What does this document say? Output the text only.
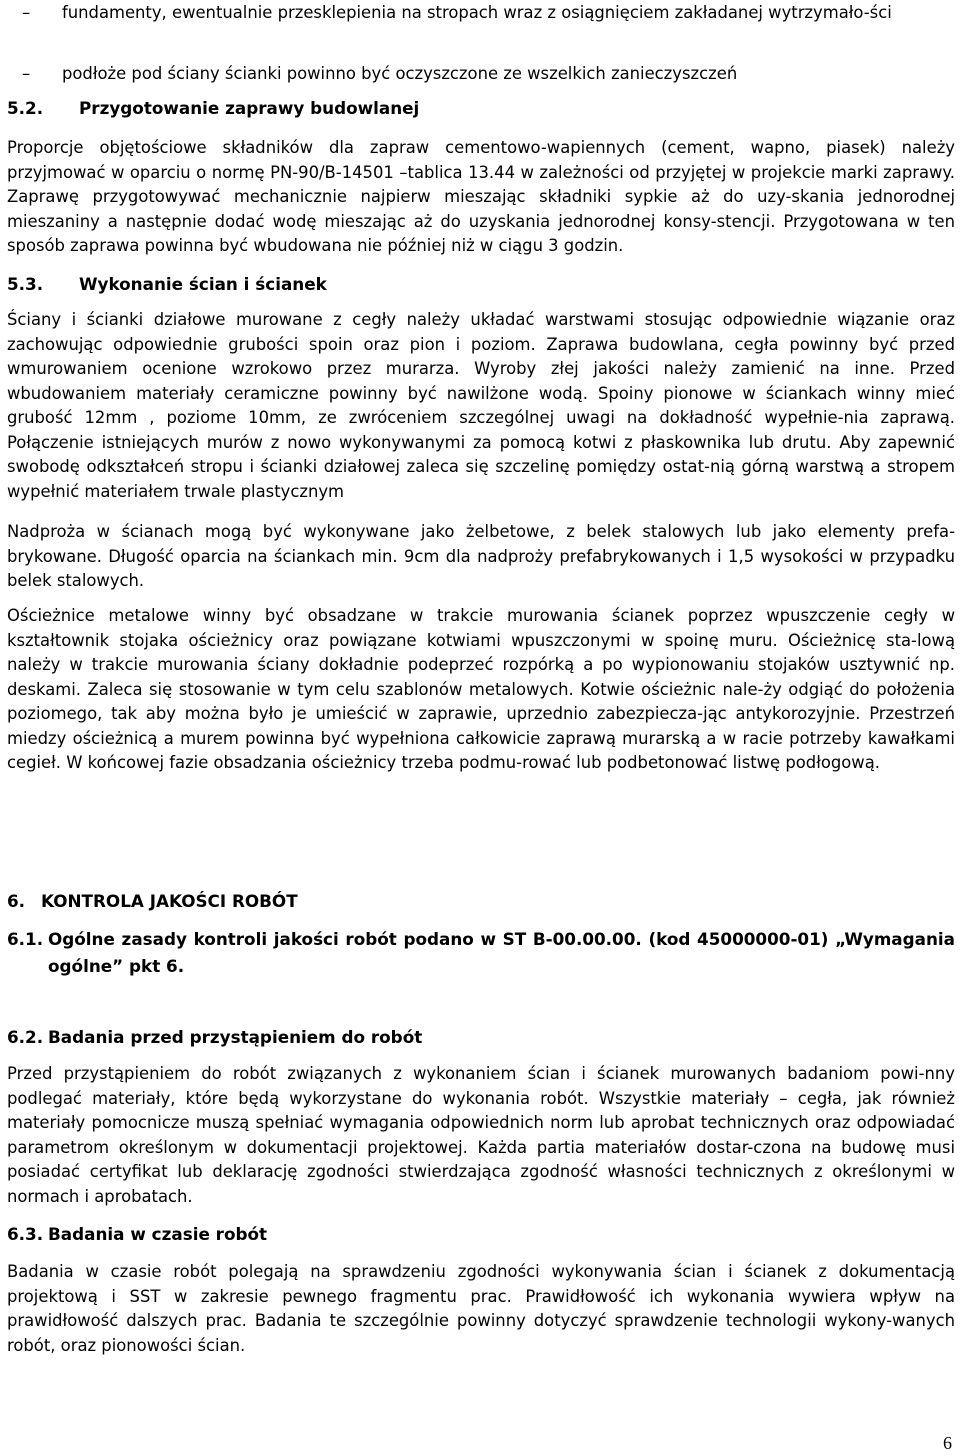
– fundamenty, ewentualnie przesklepienia na stropach wraz z osiągnięciem zakładanej wytrzymało-ści
– podłoże pod ściany ścianki powinno być oczyszczone ze wszelkich zanieczyszczeń
5.2. Przygotowanie zaprawy budowlanej

Proporcje objętościowe składników dla zapraw cementowo-wapiennych (cement, wapno, piasek) należy przyjmować w oparciu o normę PN-90/B-14501 –tablica 13.44 w zależności od przyjętej w projekcie marki zaprawy. Zaprawę przygotowywać mechanicznie najpierw mieszając składniki sypkie aż do uzy-skania jednorodnej mieszaniny a następnie dodać wodę mieszając aż do uzyskania jednorodnej konsy-stencji. Przygotowana w ten sposób zaprawa powinna być wbudowana nie później niż w ciągu 3 godzin.

5.3. Wykonanie ścian i ścianek

Ściany i ścianki działowe murowane z cegły należy układać warstwami stosując odpowiednie wiązanie oraz zachowując odpowiednie grubości spoin oraz pion i poziom. Zaprawa budowlana, cegła powinny być przed wmurowaniem ocenione wzrokowo przez murarza. Wyroby złej jakości należy zamienić na inne. Przed wbudowaniem materiały ceramiczne powinny być nawilżone wodą. Spoiny pionowe w ściankach winny mieć grubość 12mm , poziome 10mm, ze zwróceniem szczególnej uwagi na dokładność wypełnie-nia zaprawą. Połączenie istniejących murów z nowo wykonywanymi za pomocą kotwi z płaskownika lub drutu. Aby zapewnić swobodę odkształceń stropu i ścianki działowej zaleca się szczelinę pomiędzy ostat-nią górną warstwą a stropem wypełnić materiałem trwale plastycznym

Nadproża w ścianach mogą być wykonywane jako żelbetowe, z belek stalowych lub jako elementy prefa-brykowane. Długość oparcia na ściankach min. 9cm dla nadproży prefabrykowanych i 1,5 wysokości w przypadku belek stalowych.

Ościeżnice metalowe winny być obsadzane w trakcie murowania ścianek poprzez wpuszczenie cegły w kształtownik stojaka ościeżnicy oraz powiązane kotwiami wpuszczonymi w spoinę muru. Ościeżnicę sta-lową należy w trakcie murowania ściany dokładnie podeprzeć rozpórką a po wypionowaniu stojaków usztywnić np. deskami. Zaleca się stosowanie w tym celu szablonów metalowych. Kotwie ościeżnic nale-ży odgiąć do położenia poziomego, tak aby można było je umieścić w zaprawie, uprzednio zabezpiecza-jąc antykorozyjnie. Przestrzeń miedzy ościeżnicą a murem powinna być wypełniona całkowicie zaprawą murarską a w racie potrzeby kawałkami cegieł. W końcowej fazie obsadzania ościeżnicy trzeba podmu-rować lub podbetonować listwę podłogową.

6. KONTROLA JAKOŚCI ROBÓT
6.1. Ogólne zasady kontroli jakości robót podano w ST B-00.00.00. (kod 45000000-01) „Wymagania ogólne” pkt 6.
6.2. Badania przed przystąpieniem do robót

Przed przystąpieniem do robót związanych z wykonaniem ścian i ścianek murowanych badaniom powi-nny podlegać materiały, które będą wykorzystane do wykonania robót. Wszystkie materiały – cegła, jak również materiały pomocnicze muszą spełniać wymagania odpowiednich norm lub aprobat technicznych oraz odpowiadać parametrom określonym w dokumentacji projektowej. Każda partia materiałów dostar-czona na budowę musi posiadać certyfikat lub deklarację zgodności stwierdzająca zgodność własności technicznych z określonymi w normach i aprobatach.

6.3. Badania w czasie robót

Badania w czasie robót polegają na sprawdzeniu zgodności wykonywania ścian i ścianek z dokumentacją projektową i SST w zakresie pewnego fragmentu prac. Prawidłowość ich wykonania wywiera wpływ na prawidłowość dalszych prac. Badania te szczególnie powinny dotyczyć sprawdzenie technologii wykony-wanych robót, oraz pionowości ścian.

6
